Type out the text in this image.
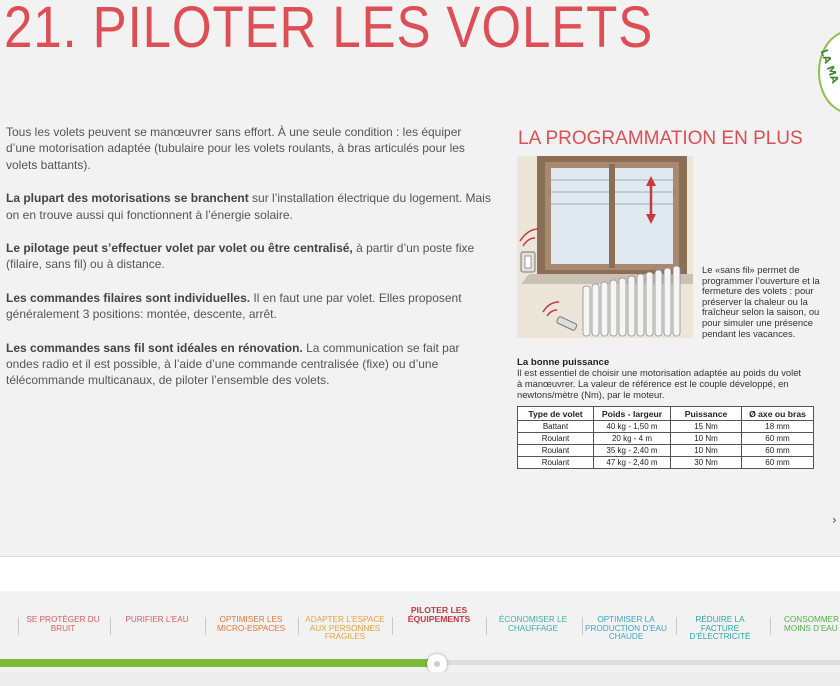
21. PILOTER LES VOLETS
LA MA
›

Tous les volets peuvent se manœuvrer sans effort. À une seule condition : les équiper d’une motorisation adaptée (tubulaire pour les volets roulants, à bras articulés pour les volets battants).

La plupart des motorisations se branchent sur l’installation électrique du logement. Mais on en trouve aussi qui fonctionnent à l’énergie solaire.

Le pilotage peut s’effectuer volet par volet ou être centralisé, à partir d’un poste fixe (filaire, sans fil) ou à distance.

Les commandes filaires sont individuelles. Il en faut une par volet. Elles proposent généralement 3 positions: montée, descente, arrêt.

Les commandes sans fil sont idéales en rénovation. La communication se fait par ondes radio et il est possible, à l’aide d’une commande centralisée (fixe) ou d’une télécommande multicanaux, de piloter l’ensemble des volets.

LA PROGRAMMATION EN PLUS
Le «sans fil» permet de programmer l’ouverture et la fermeture des volets : pour préserver la chaleur ou la fraîcheur selon la saison, ou pour simuler une présence pendant les vacances.
La bonne puissance
Il est essentiel de choisir une motorisation adaptée au poids du volet à manœuvrer. La valeur de référence est le couple développé, en newtons/mètre (Nm), par le moteur.
Type de volet	Poids - largeur	Puissance	Ø axe ou bras
Battant	40 kg - 1,50 m	15 Nm	18 mm
Roulant	20 kg - 4 m	10 Nm	60 mm
Roulant	35 kg - 2,40 m	10 Nm	60 mm
Roulant	47 kg - 2,40 m	30 Nm	60 mm
SE PROTÉGER DU BRUIT
PURIFIER L’EAU	OPTIMISER LES MICRO-ESPACES
ADAPTER L’ESPACE AUX PERSONNES FRAGILES
PILOTER LES ÉQUIPEMENTS	ÉCONOMISER LE CHAUFFAGE
OPTIMISER LA PRODUCTION D’EAU CHAUDE
RÉDUIRE LA FACTURE D’ÉLECTRICITÉ
CONSOMMER MOINS D’EAU
